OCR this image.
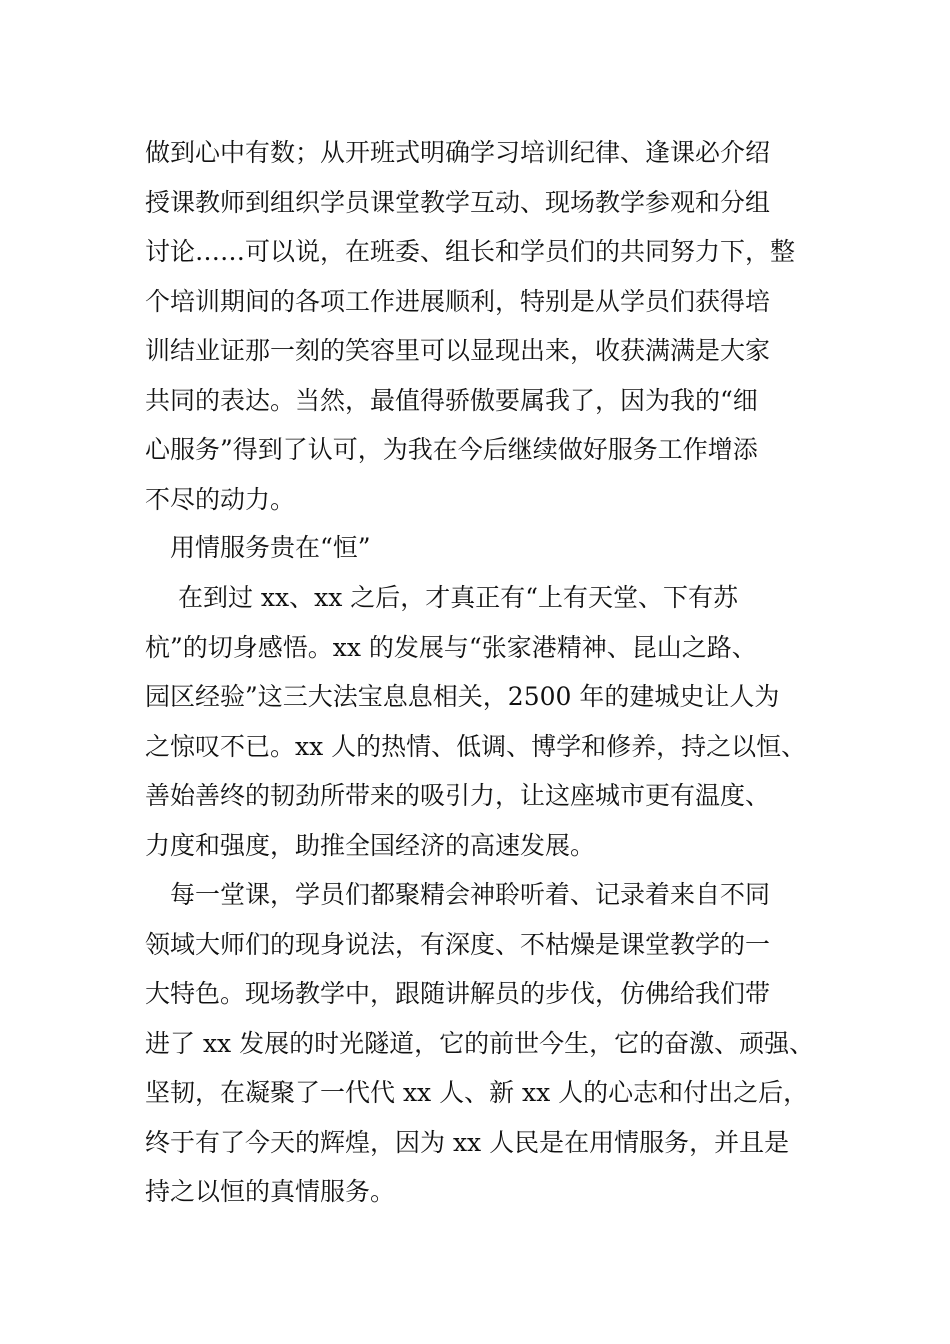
做到心中有数；从开班式明确学习培训纪律、逢课必介绍
授课教师到组织学员课堂教学互动、现场教学参观和分组
讨论……可以说，在班委、组长和学员们的共同努力下，整
个培训期间的各项工作进展顺利，特别是从学员们获得培
训结业证那一刻的笑容里可以显现出来，收获满满是大家
共同的表达。当然，最值得骄傲要属我了，因为我的“细
心服务”得到了认可，为我在今后继续做好服务工作增添
不尽的动力。
　用情服务贵在“恒”
　 在到过 xx、xx 之后，才真正有“上有天堂、下有苏
杭”的切身感悟。xx 的发展与“张家港精神、昆山之路、
园区经验”这三大法宝息息相关，2500 年的建城史让人为
之惊叹不已。xx 人的热情、低调、博学和修养，持之以恒、
善始善终的韧劲所带来的吸引力，让这座城市更有温度、
力度和强度，助推全国经济的高速发展。
　每一堂课，学员们都聚精会神聆听着、记录着来自不同
领域大师们的现身说法，有深度、不枯燥是课堂教学的一
大特色。现场教学中，跟随讲解员的步伐，仿佛给我们带
进了 xx 发展的时光隧道，它的前世今生，它的奋激、顽强、
坚韧，在凝聚了一代代 xx 人、新 xx 人的心志和付出之后，
终于有了今天的辉煌，因为 xx 人民是在用情服务，并且是
持之以恒的真情服务。
